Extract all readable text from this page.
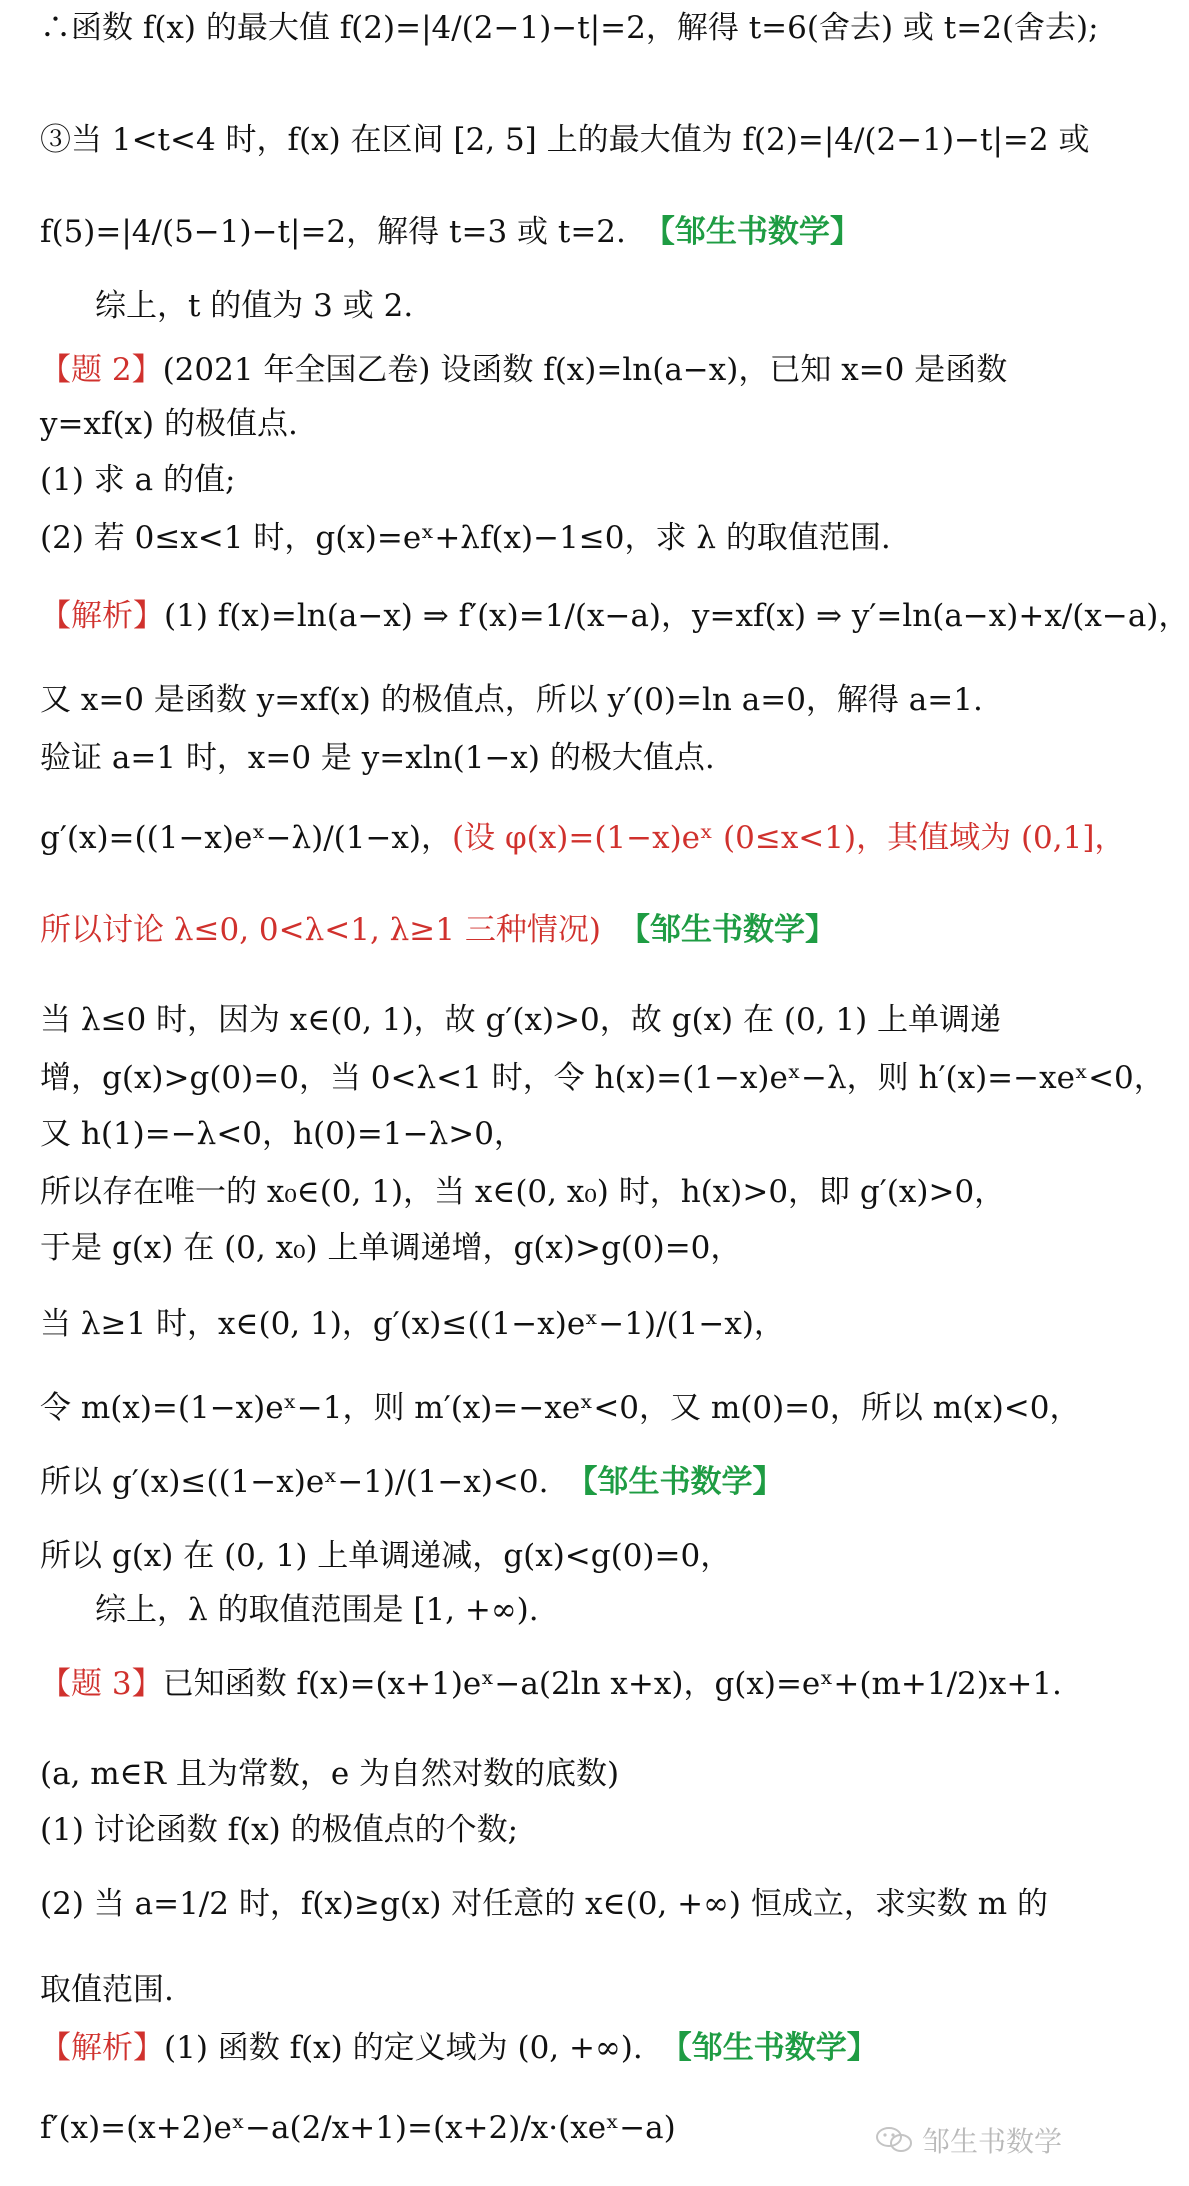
∴函数 f(x) 的最大值 f(2)=|4/(2−1)−t|=2，解得 t=6(舍去) 或 t=2(舍去);
③当 1<t<4 时，f(x) 在区间 [2, 5] 上的最大值为 f(2)=|4/(2−1)−t|=2 或
f(5)=|4/(5−1)−t|=2，解得 t=3 或 t=2. 【邹生书数学】
综上，t 的值为 3 或 2.
【题 2】(2021 年全国乙卷) 设函数 f(x)=ln(a−x)，已知 x=0 是函数
y=xf(x) 的极值点.
(1) 求 a 的值;
(2) 若 0≤x<1 时，g(x)=eˣ+λf(x)−1≤0，求 λ 的取值范围.
【解析】(1) f(x)=ln(a−x) ⇒ f′(x)=1/(x−a)，y=xf(x) ⇒ y′=ln(a−x)+x/(x−a)，
又 x=0 是函数 y=xf(x) 的极值点，所以 y′(0)=ln a=0，解得 a=1.
验证 a=1 时，x=0 是 y=xln(1−x) 的极大值点.
g′(x)=((1−x)eˣ−λ)/(1−x)，(设 φ(x)=(1−x)eˣ (0≤x<1)，其值域为 (0,1]，
所以讨论 λ≤0, 0<λ<1, λ≥1 三种情况) 【邹生书数学】
当 λ≤0 时，因为 x∈(0, 1)，故 g′(x)>0，故 g(x) 在 (0, 1) 上单调递
增，g(x)>g(0)=0，当 0<λ<1 时，令 h(x)=(1−x)eˣ−λ，则 h′(x)=−xeˣ<0，
又 h(1)=−λ<0，h(0)=1−λ>0，
所以存在唯一的 x₀∈(0, 1)，当 x∈(0, x₀) 时，h(x)>0，即 g′(x)>0，
于是 g(x) 在 (0, x₀) 上单调递增，g(x)>g(0)=0，
当 λ≥1 时，x∈(0, 1)，g′(x)≤((1−x)eˣ−1)/(1−x)，
令 m(x)=(1−x)eˣ−1，则 m′(x)=−xeˣ<0，又 m(0)=0，所以 m(x)<0，
所以 g′(x)≤((1−x)eˣ−1)/(1−x)<0. 【邹生书数学】
所以 g(x) 在 (0, 1) 上单调递减，g(x)<g(0)=0，
综上，λ 的取值范围是 [1, +∞).
【题 3】已知函数 f(x)=(x+1)eˣ−a(2ln x+x)，g(x)=eˣ+(m+1/2)x+1.
(a, m∈R 且为常数，e 为自然对数的底数)
(1) 讨论函数 f(x) 的极值点的个数;
(2) 当 a=1/2 时，f(x)≥g(x) 对任意的 x∈(0, +∞) 恒成立，求实数 m 的
取值范围.
【解析】(1) 函数 f(x) 的定义域为 (0, +∞). 【邹生书数学】
f′(x)=(x+2)eˣ−a(2/x+1)=(x+2)/x·(xeˣ−a)	邹生书数学
